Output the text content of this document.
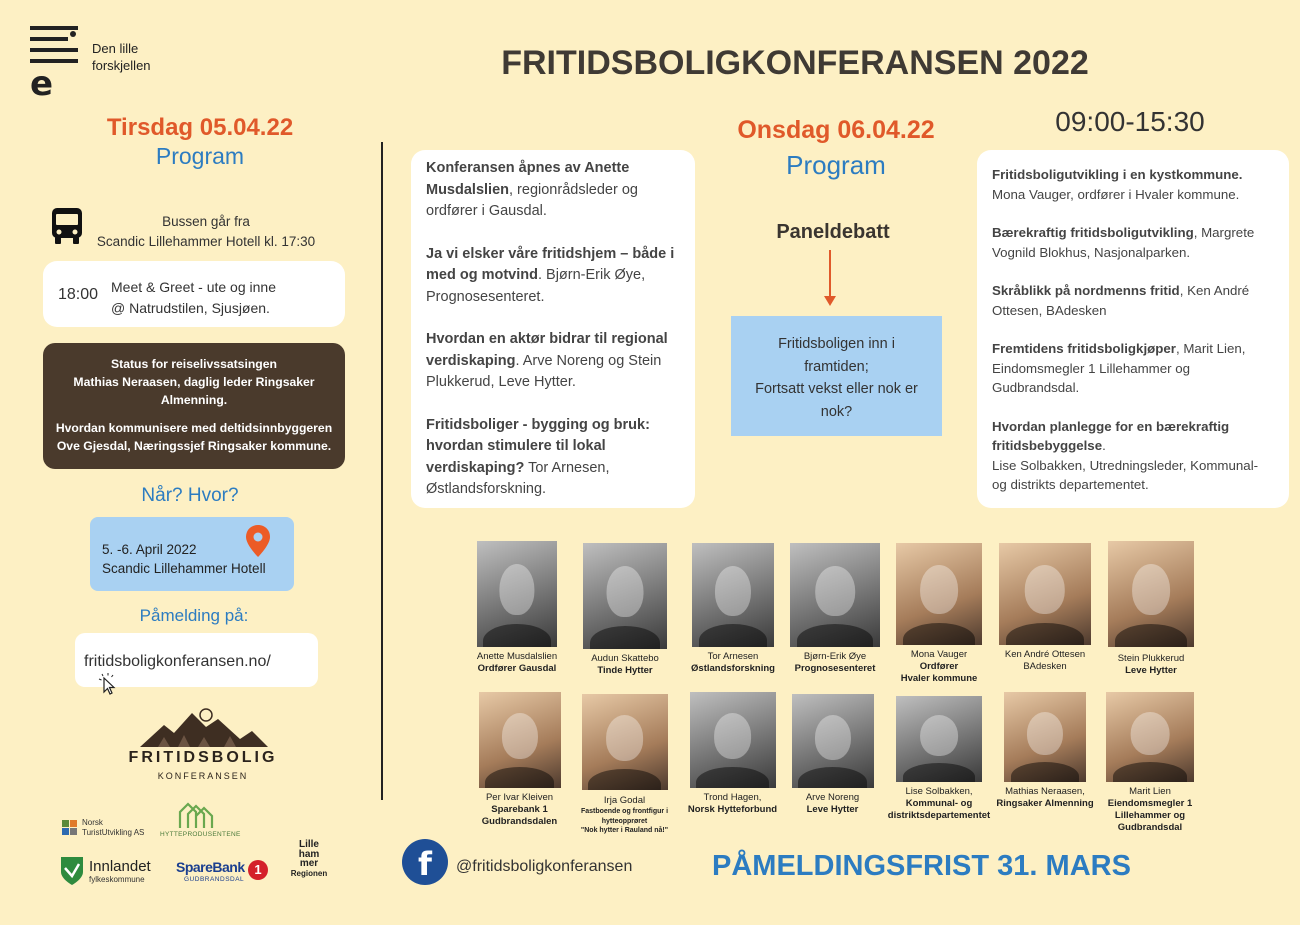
e
Den lille
forskjellen	FRITIDSBOLIGKONFERANSEN 2022
09:00-15:30
Tirsdag 05.04.22
Program
Bussen går fra
Scandic Lillehammer Hotell kl. 17:30
18:00 Meet & Greet - ute og inne
@ Natrudstilen, Sjusjøen.
Status for reiselivssatsingen
Mathias Neraasen, daglig leder Ringsaker
Almenning.
Hvordan kommunisere med deltidsinnbyggeren
Ove Gjesdal, Næringssjef Ringsaker kommune.
Når? Hvor?
5. -6. April 2022
Scandic Lillehammer Hotell
Påmelding på:
fritidsboligkonferansen.no/
FRITIDSBOLIG
KONFERANSEN
Norsk
TuristUtvikling AS HYTTEPRODUSENTENE
Innlandet
fylkeskommune
SpareBank
GUDBRANDSDAL
1
Lille
ham
mer
Regionen
Onsdag 06.04.22
Program
Konferansen åpnes av Anette
Musdalslien, regionrådsleder og
ordfører i Gausdal.
Ja vi elsker våre fritidshjem – både i
med og motvind. Bjørn-Erik Øye,
Prognosesenteret.
Hvordan en aktør bidrar til regional
verdiskaping. Arve Noreng og Stein
Plukkerud, Leve Hytter.
Fritidsboliger - bygging og bruk:
hvordan stimulere til lokal
verdiskaping? Tor Arnesen,
Østlandsforskning.
Paneldebatt
Fritidsboligen inn i
framtiden;
Fortsatt vekst eller nok er
nok?
Fritidsboligutvikling i en kystkommune.
Mona Vauger, ordfører i Hvaler kommune.
Bærekraftig fritidsboligutvikling, Margrete
Vognild Blokhus, Nasjonalparken.
Skråblikk på nordmenns fritid, Ken André
Ottesen, BAdesken
Fremtidens fritidsboligkjøper, Marit Lien,
Eindomsmegler 1 Lillehammer og
Gudbrandsdal.
Hvordan planlegge for en bærekraftig
fritidsbebyggelse.
Lise Solbakken, Utredningsleder, Kommunal-
og distrikts departementet.
Anette Musdalslien
Ordfører Gausdal
Audun Skattebo
Tinde Hytter
Tor Arnesen
Østlandsforskning
Bjørn-Erik Øye
Prognosesenteret
Mona Vauger
Ordfører
Hvaler kommune
Ken André Ottesen
BAdesken
Stein Plukkerud
Leve Hytter
Per Ivar Kleiven
Sparebank 1
Gudbrandsdalen
Irja Godal
Fastboende og frontfigur i
hytteopprøret
"Nok hytter i Rauland nå!"
Trond Hagen,
Norsk Hytteforbund
Arve Noreng
Leve Hytter
Lise Solbakken,
Kommunal- og
distriktsdepartementet
Mathias Neraasen,
Ringsaker Almenning
Marit Lien
Eiendomsmegler 1
Lillehammer og
Gudbrandsdal
f	@fritidsboligkonferansen	PÅMELDINGSFRIST 31. MARS
